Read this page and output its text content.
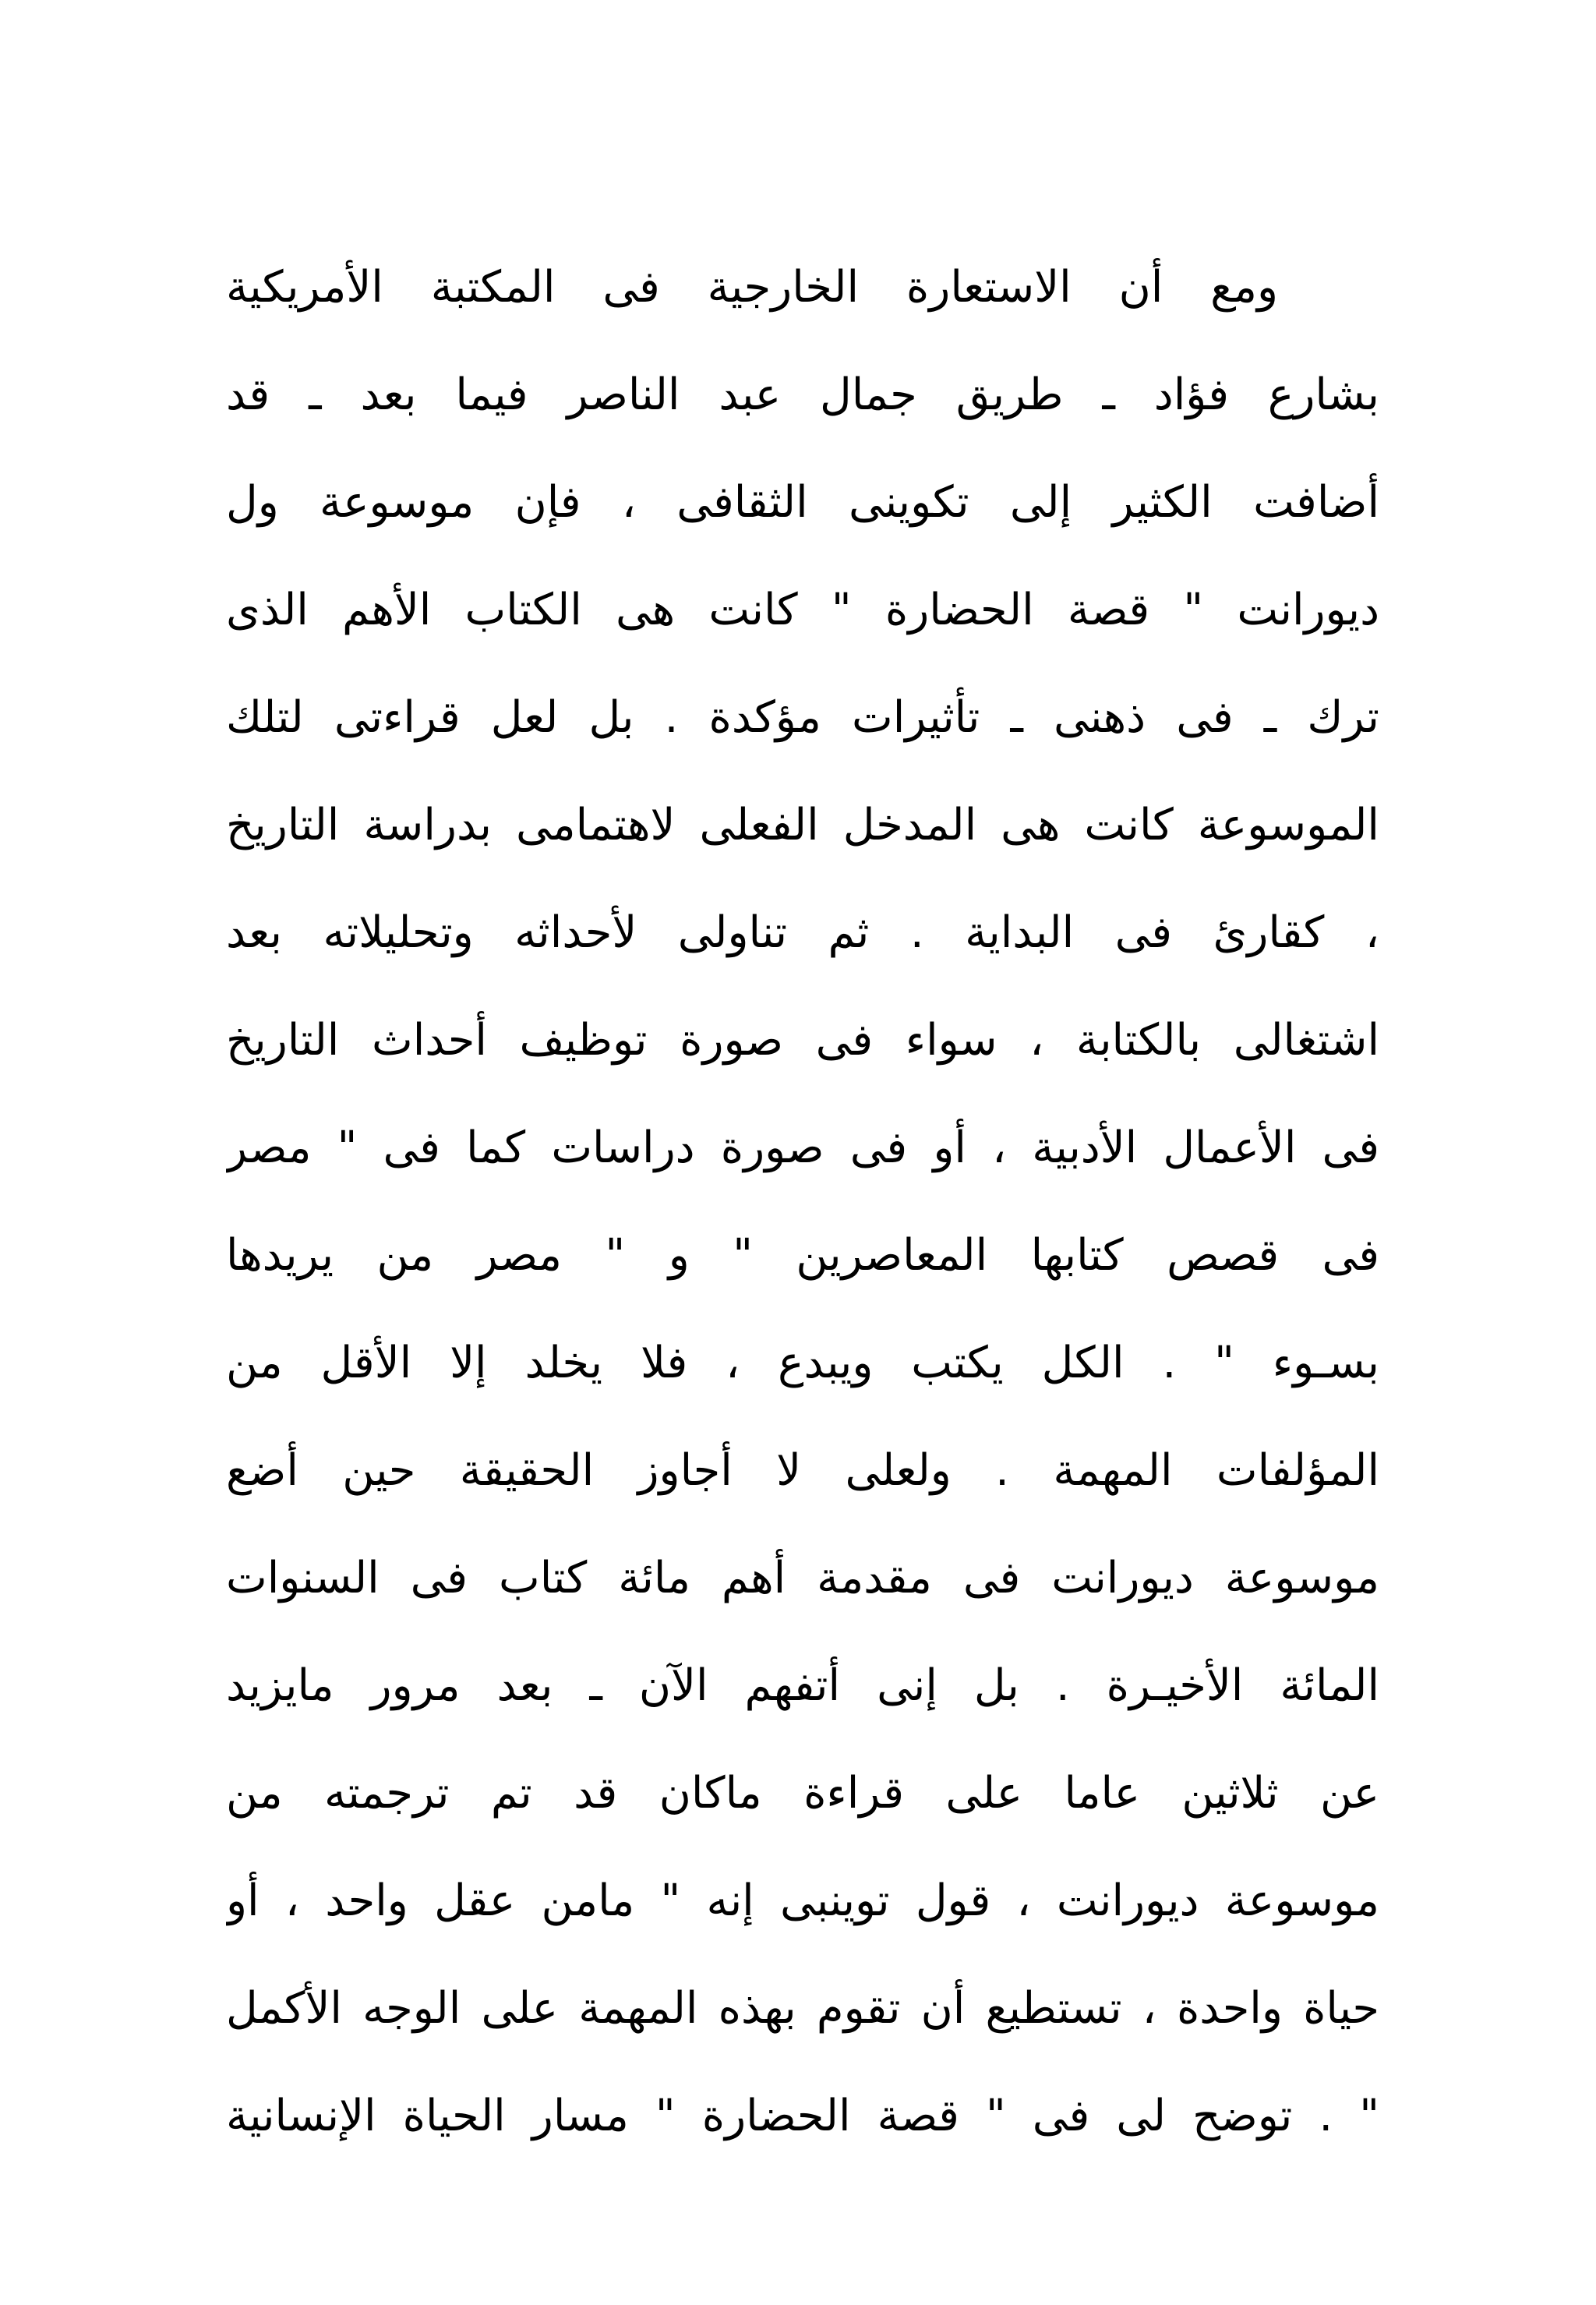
ومع أن الاستعارة الخارجية فى المكتبة الأمريكية
بشارع فؤاد ـ طريق جمال عبد الناصر فيما بعد ـ قد
أضافت الكثير إلى تكوينى الثقافى ، فإن موسوعة ول
ديورانت " قصة الحضارة " كانت هى الكتاب الأهم الذى
ترك ـ فى ذهنى ـ تأثيرات مؤكدة . بل لعل قراءتى لتلك
الموسوعة كانت هى المدخل الفعلى لاهتمامى بدراسة التاريخ
، كقارئ فى البداية . ثم تناولى لأحداثه وتحليلاته بعد
اشتغالى بالكتابة ، سواء فى صورة توظيف أحداث التاريخ
فى الأعمال الأدبية ، أو فى صورة دراسات كما فى " مصر
فى قصص كتابها المعاصرين " و " مصر من يريدها
بسـوء " . الكل يكتب ويبدع ، فلا يخلد إلا الأقل من
المؤلفات المهمة . ولعلى لا أجاوز الحقيقة حين أضع
موسوعة ديورانت فى مقدمة أهم مائة كتاب فى السنوات
المائة الأخيـرة . بل إنى أتفهم الآن ـ بعد مرور مايزيد
عن ثلاثين عاما على قراءة ماكان قد تم ترجمته من
موسوعة ديورانت ، قول توينبى إنه " مامن عقل واحد ، أو
حياة واحدة ، تستطيع أن تقوم بهذه المهمة على الوجه الأكمل
" . توضح لى فى " قصة الحضارة " مسار الحياة الإنسانية
